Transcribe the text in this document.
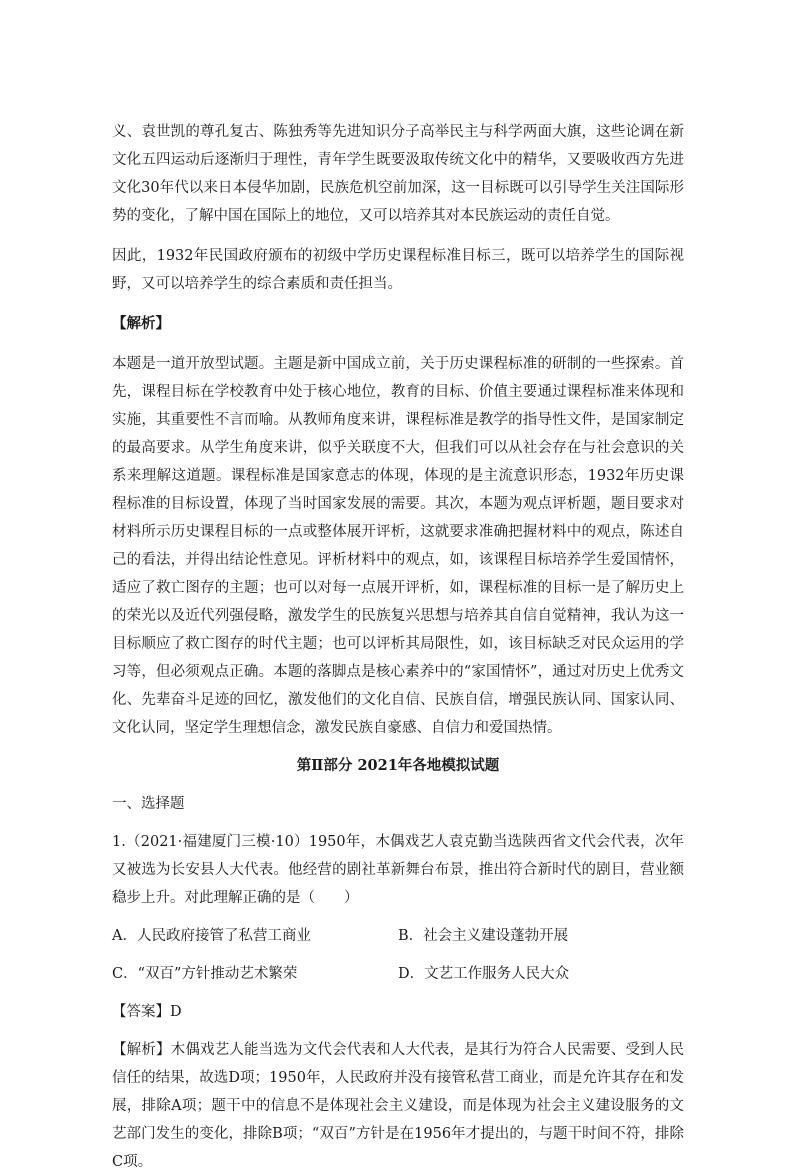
义、袁世凯的尊孔复古、陈独秀等先进知识分子高举民主与科学两面大旗，这些论调在新文化五四运动后逐渐归于理性，青年学生既要汲取传统文化中的精华，又要吸收西方先进文化30年代以来日本侵华加剧，民族危机空前加深，这一目标既可以引导学生关注国际形势的变化，了解中国在国际上的地位，又可以培养其对本民族运动的责任自觉。

因此，1932年民国政府颁布的初级中学历史课程标准目标三，既可以培养学生的国际视野，又可以培养学生的综合素质和责任担当。

【解析】

本题是一道开放型试题。主题是新中国成立前，关于历史课程标准的研制的一些探索。首先，课程目标在学校教育中处于核心地位，教育的目标、价值主要通过课程标准来体现和实施，其重要性不言而喻。从教师角度来讲，课程标准是教学的指导性文件，是国家制定的最高要求。从学生角度来讲，似乎关联度不大，但我们可以从社会存在与社会意识的关系来理解这道题。课程标准是国家意志的体现，体现的是主流意识形态，1932年历史课程标准的目标设置，体现了当时国家发展的需要。其次，本题为观点评析题，题目要求对材料所示历史课程目标的一点或整体展开评析，这就要求准确把握材料中的观点，陈述自己的看法，并得出结论性意见。评析材料中的观点，如，该课程目标培养学生爱国情怀，适应了救亡图存的主题；也可以对每一点展开评析，如，课程标准的目标一是了解历史上的荣光以及近代列强侵略，激发学生的民族复兴思想与培养其自信自觉精神，我认为这一目标顺应了救亡图存的时代主题；也可以评析其局限性，如，该目标缺乏对民众运用的学习等，但必须观点正确。本题的落脚点是核心素养中的“家国情怀”，通过对历史上优秀文化、先辈奋斗足迹的回忆，激发他们的文化自信、民族自信，增强民族认同、国家认同、文化认同，坚定学生理想信念，激发民族自豪感、自信力和爱国热情。

第Ⅱ部分 2021年各地模拟试题

一、选择题

1.（2021·福建厦门三模·10）1950年，木偶戏艺人袁克勤当选陕西省文代会代表，次年又被选为长安县人大代表。他经营的剧社革新舞台布景，推出符合新时代的剧目，营业额稳步上升。对此理解正确的是（　　）

A．人民政府接管了私营工商业	B．社会主义建设蓬勃开展
C．“双百”方针推动艺术繁荣	D．文艺工作服务人民大众

【答案】D

【解析】木偶戏艺人能当选为文代会代表和人大代表，是其行为符合人民需要、受到人民信任的结果，故选D项；1950年，人民政府并没有接管私营工商业，而是允许其存在和发展，排除A项；题干中的信息不是体现社会主义建设，而是体现为社会主义建设服务的文艺部门发生的变化，排除B项；“双百”方针是在1956年才提出的，与题干时间不符，排除C项。
